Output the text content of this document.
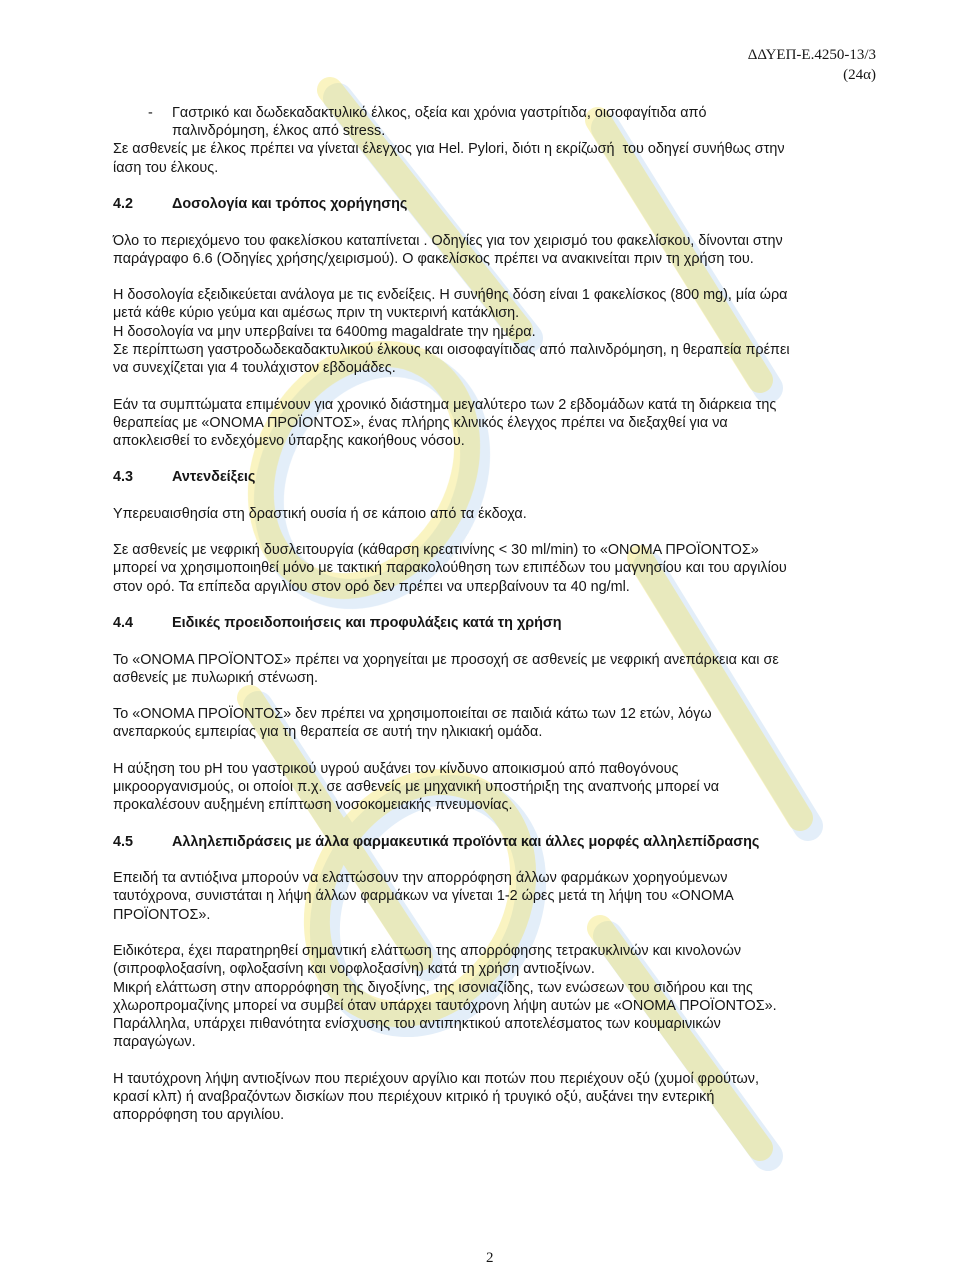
ΔΔΥΕΠ-Ε.4250-13/3
(24α)
- Γαστρικό και δωδεκαδακτυλικό έλκος, οξεία και χρόνια γαστρίτιδα, οισοφαγίτιδα από
παλινδρόμηση, έλκος από stress.
Σε ασθενείς με έλκος πρέπει να γίνεται έλεγχος για Hel. Pylori, διότι η εκρίζωσή  του οδηγεί συνήθως στην
ίαση του έλκους.
4.2	Δοσολογία και τρόπος χορήγησης
Όλο το περιεχόμενο του φακελίσκου καταπίνεται . Οδηγίες για τον χειρισμό του φακελίσκου, δίνονται στην
παράγραφο 6.6 (Οδηγίες χρήσης/χειρισμού). Ο φακελίσκος πρέπει να ανακινείται πριν τη χρήση του.
Η δοσολογία εξειδικεύεται ανάλογα με τις ενδείξεις. Η συνήθης δόση είναι 1 φακελίσκος (800 mg), μία ώρα
μετά κάθε κύριο γεύμα και αμέσως πριν τη νυκτερινή κατάκλιση.
Η δοσολογία να μην υπερβαίνει τα 6400mg magaldrate την ημέρα.
Σε περίπτωση γαστροδωδεκαδακτυλικού έλκους και οισοφαγίτιδας από παλινδρόμηση, η θεραπεία πρέπει
να συνεχίζεται για 4 τουλάχιστον εβδομάδες.
Εάν τα συμπτώματα επιμένουν για χρονικό διάστημα μεγαλύτερο των 2 εβδομάδων κατά τη διάρκεια της
θεραπείας με «ΟΝΟΜΑ ΠΡΟΪΟΝΤΟΣ», ένας πλήρης κλινικός έλεγχος πρέπει να διεξαχθεί για να
αποκλεισθεί το ενδεχόμενο ύπαρξης κακοήθους νόσου.
4.3	Αντενδείξεις
Υπερευαισθησία στη δραστική ουσία ή σε κάποιο από τα έκδοχα.
Σε ασθενείς με νεφρική δυσλειτουργία (κάθαρση κρεατινίνης < 30 ml/min) το «ΟΝΟΜΑ ΠΡΟΪΟΝΤΟΣ»
μπορεί να χρησιμοποιηθεί μόνο με τακτική παρακολούθηση των επιπέδων του μαγνησίου και του αργιλίου
στον ορό. Τα επίπεδα αργιλίου στον ορό δεν πρέπει να υπερβαίνουν τα 40 ng/ml.
4.4	Ειδικές προειδοποιήσεις και προφυλάξεις κατά τη χρήση
Το «ΟΝΟΜΑ ΠΡΟΪΟΝΤΟΣ» πρέπει να χορηγείται με προσοχή σε ασθενείς με νεφρική ανεπάρκεια και σε
ασθενείς με πυλωρική στένωση.
Το «ΟΝΟΜΑ ΠΡΟΪΟΝΤΟΣ» δεν πρέπει να χρησιμοποιείται σε παιδιά κάτω των 12 ετών, λόγω
ανεπαρκούς εμπειρίας για τη θεραπεία σε αυτή την ηλικιακή ομάδα.
Η αύξηση του pH του γαστρικού υγρού αυξάνει τον κίνδυνο αποικισμού από παθογόνους
μικροοργανισμούς, οι οποίοι π.χ. σε ασθενείς με μηχανική υποστήριξη της αναπνοής μπορεί να
προκαλέσουν αυξημένη επίπτωση νοσοκομειακής πνευμονίας.
4.5	Αλληλεπιδράσεις με άλλα φαρμακευτικά προϊόντα και άλλες μορφές αλληλεπίδρασης
Επειδή τα αντιόξινα μπορούν να ελαττώσουν την απορρόφηση άλλων φαρμάκων χορηγούμενων
ταυτόχρονα, συνιστάται η λήψη άλλων φαρμάκων να γίνεται 1-2 ώρες μετά τη λήψη του «ΟΝΟΜΑ
ΠΡΟΪΟΝΤΟΣ».
Ειδικότερα, έχει παρατηρηθεί σημαντική ελάττωση της απορρόφησης τετρακυκλινών και κινολονών
(σιπροφλοξασίνη, οφλοξασίνη και νορφλοξασίνη) κατά τη χρήση αντιοξίνων.
Μικρή ελάττωση στην απορρόφηση της διγοξίνης, της ισονιαζίδης, των ενώσεων του σιδήρου και της
χλωροπρομαζίνης μπορεί να συμβεί όταν υπάρχει ταυτόχρονη λήψη αυτών με «ΟΝΟΜΑ ΠΡΟΪΟΝΤΟΣ».
Παράλληλα, υπάρχει πιθανότητα ενίσχυσης του αντιπηκτικού αποτελέσματος των κουμαρινικών
παραγώγων.
Η ταυτόχρονη λήψη αντιοξίνων που περιέχουν αργίλιο και ποτών που περιέχουν οξύ (χυμοί φρούτων,
κρασί κλπ) ή αναβραζόντων δισκίων που περιέχουν κιτρικό ή τρυγικό οξύ, αυξάνει την εντερική
απορρόφηση του αργιλίου.
2
